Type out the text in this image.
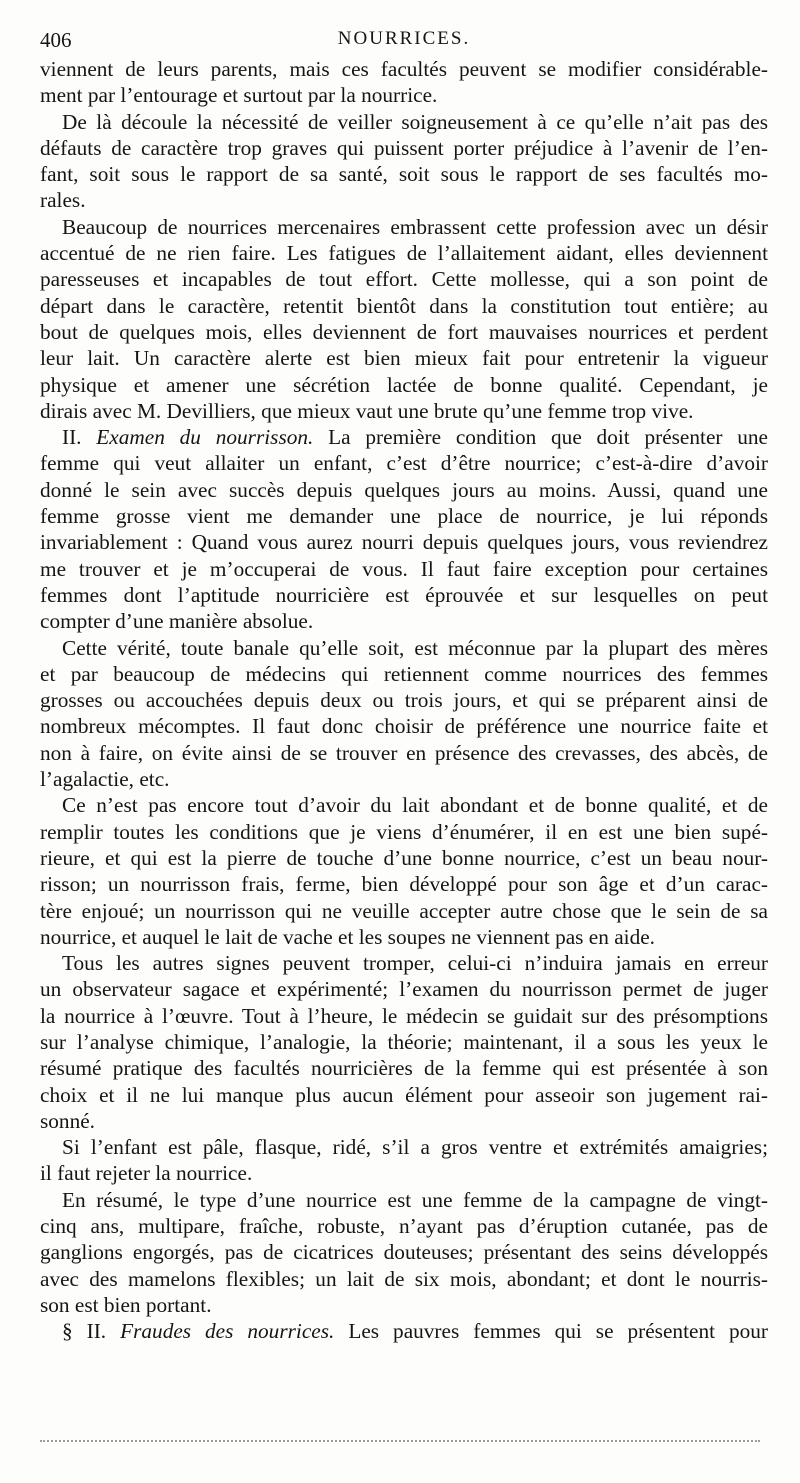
406	NOURRICES.

viennent de leurs parents, mais ces facultés peuvent se modifier considérable-

ment par l’entourage et surtout par la nourrice.

De là découle la nécessité de veiller soigneusement à ce qu’elle n’ait pas des

défauts de caractère trop graves qui puissent porter préjudice à l’avenir de l’en-

fant, soit sous le rapport de sa santé, soit sous le rapport de ses facultés mo-

rales.

Beaucoup de nourrices mercenaires embrassent cette profession avec un désir

accentué de ne rien faire. Les fatigues de l’allaitement aidant, elles deviennent

paresseuses et incapables de tout effort. Cette mollesse, qui a son point de

départ dans le caractère, retentit bientôt dans la constitution tout entière; au

bout de quelques mois, elles deviennent de fort mauvaises nourrices et perdent

leur lait. Un caractère alerte est bien mieux fait pour entretenir la vigueur

physique et amener une sécrétion lactée de bonne qualité. Cependant, je

dirais avec M. Devilliers, que mieux vaut une brute qu’une femme trop vive.

II. Examen du nourrisson. La première condition que doit présenter une

femme qui veut allaiter un enfant, c’est d’être nourrice; c’est-à-dire d’avoir

donné le sein avec succès depuis quelques jours au moins. Aussi, quand une

femme grosse vient me demander une place de nourrice, je lui réponds

invariablement : Quand vous aurez nourri depuis quelques jours, vous reviendrez

me trouver et je m’occuperai de vous. Il faut faire exception pour certaines

femmes dont l’aptitude nourricière est éprouvée et sur lesquelles on peut

compter d’une manière absolue.

Cette vérité, toute banale qu’elle soit, est méconnue par la plupart des mères

et par beaucoup de médecins qui retiennent comme nourrices des femmes

grosses ou accouchées depuis deux ou trois jours, et qui se préparent ainsi de

nombreux mécomptes. Il faut donc choisir de préférence une nourrice faite et

non à faire, on évite ainsi de se trouver en présence des crevasses, des abcès, de

l’agalactie, etc.

Ce n’est pas encore tout d’avoir du lait abondant et de bonne qualité, et de

remplir toutes les conditions que je viens d’énumérer, il en est une bien supé-

rieure, et qui est la pierre de touche d’une bonne nourrice, c’est un beau nour-

risson; un nourrisson frais, ferme, bien développé pour son âge et d’un carac-

tère enjoué; un nourrisson qui ne veuille accepter autre chose que le sein de sa

nourrice, et auquel le lait de vache et les soupes ne viennent pas en aide.

Tous les autres signes peuvent tromper, celui-ci n’induira jamais en erreur

un observateur sagace et expérimenté; l’examen du nourrisson permet de juger

la nourrice à l’œuvre. Tout à l’heure, le médecin se guidait sur des présomptions

sur l’analyse chimique, l’analogie, la théorie; maintenant, il a sous les yeux le

résumé pratique des facultés nourricières de la femme qui est présentée à son

choix et il ne lui manque plus aucun élément pour asseoir son jugement rai-

sonné.

Si l’enfant est pâle, flasque, ridé, s’il a gros ventre et extrémités amaigries;

il faut rejeter la nourrice.

En résumé, le type d’une nourrice est une femme de la campagne de vingt-

cinq ans, multipare, fraîche, robuste, n’ayant pas d’éruption cutanée, pas de

ganglions engorgés, pas de cicatrices douteuses; présentant des seins développés

avec des mamelons flexibles; un lait de six mois, abondant; et dont le nourris-

son est bien portant.

§ II. Fraudes des nourrices. Les pauvres femmes qui se présentent pour
